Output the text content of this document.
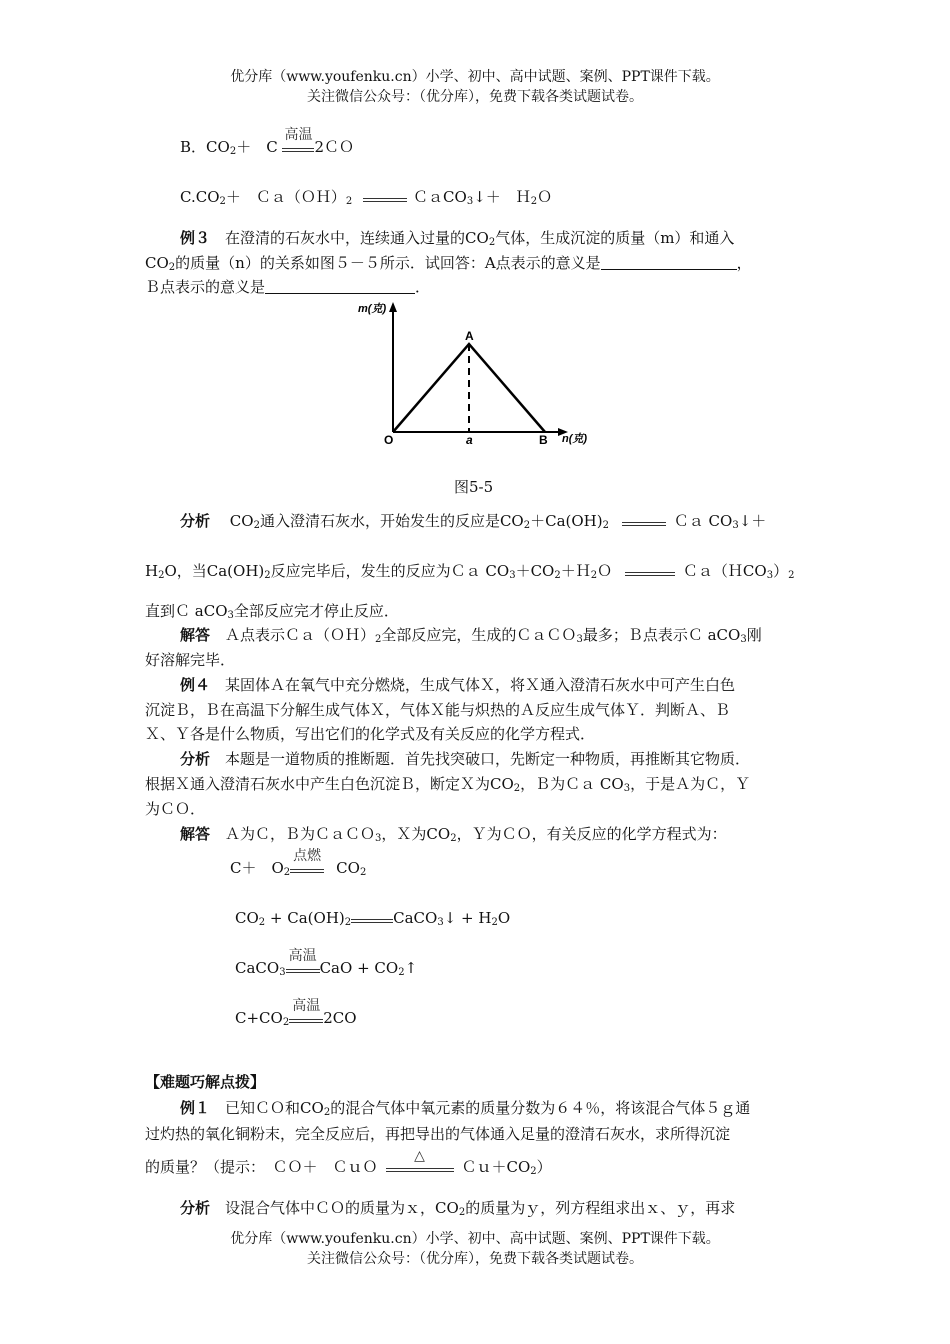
优分库（www.youfenku.cn）小学、初中、高中试题、案例、PPT课件下载。
关注微信公众号：（优分库），免费下载各类试题试卷。
B．$CO_2+$　C
高温
2ＣＯ
$C.CO_2+$　$Ca(OH)_2$	ＣａCO$_3$↓＋　Ｈ$_2$Ｏ
例３　 在澄清的石灰水中，连续通入过量的$CO_2$气体，生成沉淀的质量（m）和通入
$CO_2$的质量（n）的关系如图５－５所示．试回答：A点表示的意义是	，
Ｂ点表示的意义是	．
m(克)
O
A
a	B n(克)
图5-5
分析　 $CO_2$通入澄清石灰水，开始发生的反应是$CO_2+Ca(OH)_2$	Ｃａ $CO_3↓+$
$H_2O$，当$Ca(OH)_2$反应完毕后，发生的反应为Ｃａ $CO_3+CO_2+H_2O$	$Ca(HCO_3)_2$
直到Ｃ aCO$_3$全部反应完才停止反应．
解答　 Ａ点表示$Ca(OH)_2$全部反应完，生成的ＣａＣＯ$_3$最多；Ｂ点表示Ｃ aCO$_3$刚
好溶解完毕．
例４　 某固体Ａ在氧气中充分燃烧，生成气体Ｘ，将Ｘ通入澄清石灰水中可产生白色
沉淀Ｂ，Ｂ在高温下分解生成气体Ｘ，气体Ｘ能与炽热的Ａ反应生成气体Ｙ．判断Ａ、Ｂ
Ｘ、Ｙ各是什么物质，写出它们的化学式及有关反应的化学方程式．
分析　 本题是一道物质的推断题．首先找突破口，先断定一种物质，再推断其它物质．
根据Ｘ通入澄清石灰水中产生白色沉淀Ｂ，断定Ｘ为$CO_2$，Ｂ为Ｃａ $CO_3$，于是Ａ为Ｃ，Ｙ
为ＣＯ．
解答　 Ａ为Ｃ，Ｂ为ＣａＣＯ$_3$，Ｘ为$CO_2$，Ｙ为ＣＯ，有关反应的化学方程式为：
C＋　$O_2$
点燃
$CO_2$
$CO_2 + Ca(OH)_2$	CaCO$_3$↓ + $H_2O$
CaCO$_3$
高温
CaO + $CO_2↑$
$C+CO_2$
高温
2CO
【难题巧解点拨】
例１　 已知ＣＯ和$CO_2$的混合气体中氧元素的质量分数为６４％，将该混合气体５ｇ通
过灼热的氧化铜粉末，完全反应后，再把导出的气体通入足量的澄清石灰水，求所得沉淀
的质量？（提示：　ＣＯ＋　ＣｕＯ
△
$Cu+CO_2$）
分析　 设混合气体中ＣＯ的质量为ｘ，$CO_2$的质量为ｙ，列方程组求出ｘ、ｙ，再求
优分库（www.youfenku.cn）小学、初中、高中试题、案例、PPT课件下载。
关注微信公众号：（优分库），免费下载各类试题试卷。
